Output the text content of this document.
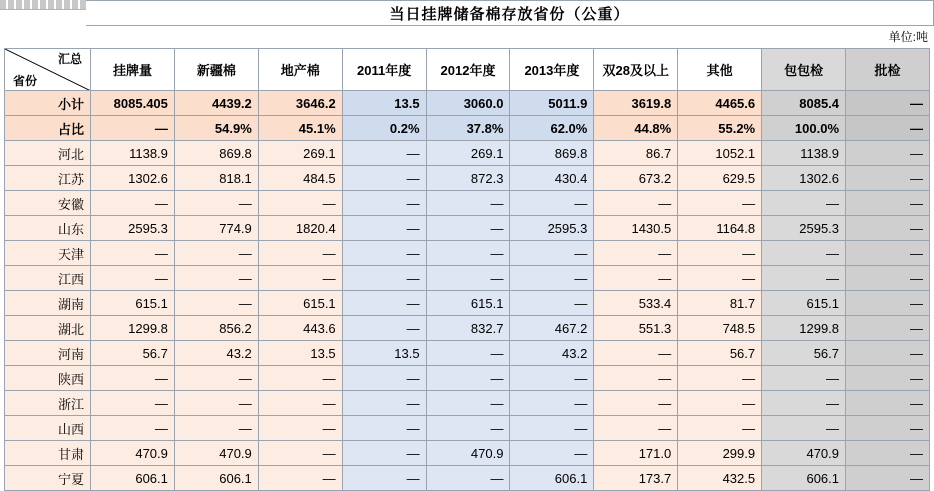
当日挂牌储备棉存放省份（公重）
单位:吨
汇总
省份	挂牌量	新疆棉	地产棉	2011年度	2012年度	2013年度	双28及以上	其他	包包检	批检
小计	8085.405	4439.2	3646.2	13.5	3060.0	5011.9	3619.8	4465.6	8085.4	—
占比	—	54.9%	45.1%	0.2%	37.8%	62.0%	44.8%	55.2%	100.0%	—
河北	1138.9	869.8	269.1	—	269.1	869.8	86.7	1052.1	1138.9	—
江苏	1302.6	818.1	484.5	—	872.3	430.4	673.2	629.5	1302.6	—
安徽	—	—	—	—	—	—	—	—	—	—
山东	2595.3	774.9	1820.4	—	—	2595.3	1430.5	1164.8	2595.3	—
天津	—	—	—	—	—	—	—	—	—	—
江西	—	—	—	—	—	—	—	—	—	—
湖南	615.1	—	615.1	—	615.1	—	533.4	81.7	615.1	—
湖北	1299.8	856.2	443.6	—	832.7	467.2	551.3	748.5	1299.8	—
河南	56.7	43.2	13.5	13.5	—	43.2	—	56.7	56.7	—
陕西	—	—	—	—	—	—	—	—	—	—
浙江	—	—	—	—	—	—	—	—	—	—
山西	—	—	—	—	—	—	—	—	—	—
甘肃	470.9	470.9	—	—	470.9	—	171.0	299.9	470.9	—
宁夏	606.1	606.1	—	—	—	606.1	173.7	432.5	606.1	—
